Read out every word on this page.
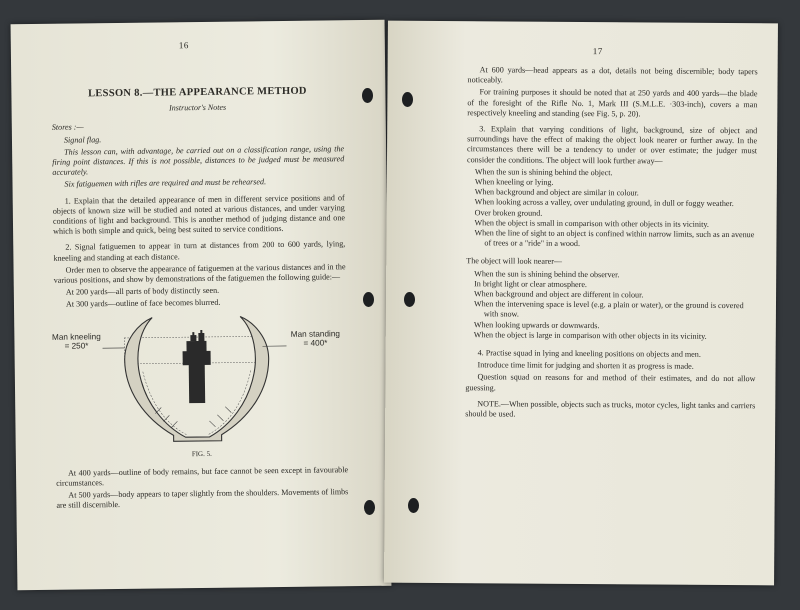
16
LESSON 8.—THE APPEARANCE METHOD
Instructor's Notes

Stores :—

Signal flag.

This lesson can, with advantage, be carried out on a classification range, using the firing point distances. If this is not possible, distances to be judged must be measured accurately.

Six fatiguemen with rifles are required and must be rehearsed.

1. Explain that the detailed appearance of men in different service positions and of objects of known size will be studied and noted at various distances, and under varying conditions of light and background. This is another method of judging distance and one which is both simple and quick, being best suited to service conditions.

2. Signal fatiguemen to appear in turn at distances from 200 to 600 yards, lying, kneeling and standing at each distance.

Order men to observe the appearance of fatiguemen at the various distances and in the various positions, and show by demonstrations of the fatiguemen the following guide:—

At 200 yards—all parts of body distinctly seen.

At 300 yards—outline of face becomes blurred.

Man kneeling
= 250*
Man standing
= 400*
FIG. 5.

At 400 yards—outline of body remains, but face cannot be seen except in favourable circumstances.

At 500 yards—body appears to taper slightly from the shoulders. Movements of limbs are still discernible.

17

At 600 yards—head appears as a dot, details not being discernible; body tapers noticeably.

For training purposes it should be noted that at 250 yards and 400 yards—the blade of the foresight of the Rifle No. 1, Mark III (S.M.L.E. ·303-inch), covers a man respectively kneeling and standing (see Fig. 5, p. 20).

3. Explain that varying conditions of light, background, size of object and surroundings have the effect of making the object look nearer or further away. In the circumstances there will be a tendency to under or over estimate; the judger must consider the conditions. The object will look further away—

When the sun is shining behind the object.
When kneeling or lying.
When background and object are similar in colour.
When looking across a valley, over undulating ground, in dull or foggy weather.
Over broken ground.
When the object is small in comparison with other objects in its vicinity.
When the line of sight to an object is confined within narrow limits, such as an avenue of trees or a "ride" in a wood.

The object will look nearer—

When the sun is shining behind the observer.
In bright light or clear atmosphere.
When background and object are different in colour.
When the intervening space is level (e.g. a plain or water), or the ground is covered with snow.
When looking upwards or downwards.
When the object is large in comparison with other objects in its vicinity.

4. Practise squad in lying and kneeling positions on objects and men.

Introduce time limit for judging and shorten it as progress is made.

Question squad on reasons for and method of their estimates, and do not allow guessing.

NOTE.—When possible, objects such as trucks, motor cycles, light tanks and carriers should be used.
